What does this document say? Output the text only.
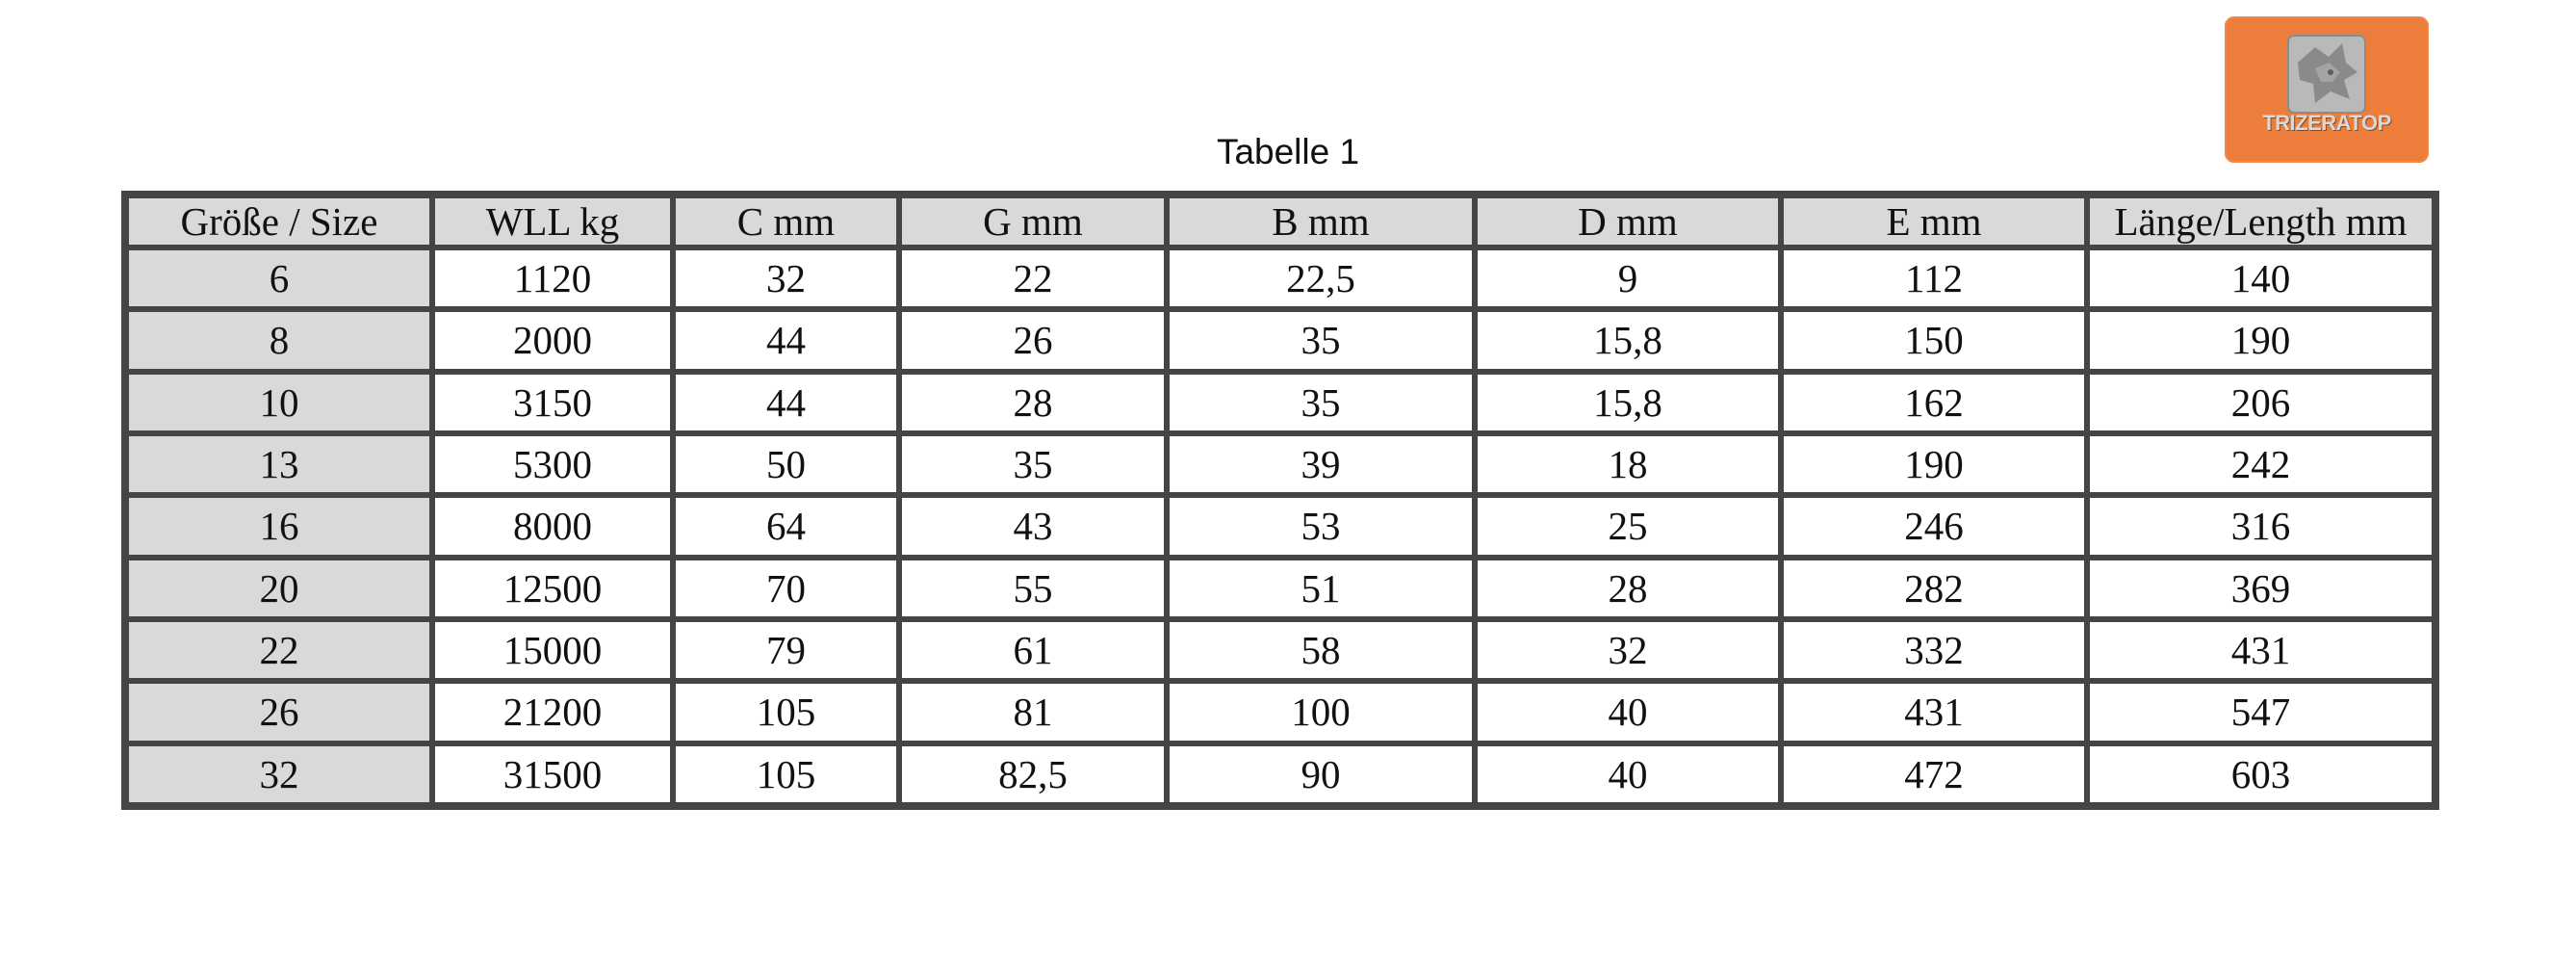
TRIZERATOP
Tabelle 1
Größe / Size	WLL kg	C mm	G mm	B mm	D mm	E mm	Länge/Length mm
6	1120	32	22	22,5	9	112	140
8	2000	44	26	35	15,8	150	190
10	3150	44	28	35	15,8	162	206
13	5300	50	35	39	18	190	242
16	8000	64	43	53	25	246	316
20	12500	70	55	51	28	282	369
22	15000	79	61	58	32	332	431
26	21200	105	81	100	40	431	547
32	31500	105	82,5	90	40	472	603
